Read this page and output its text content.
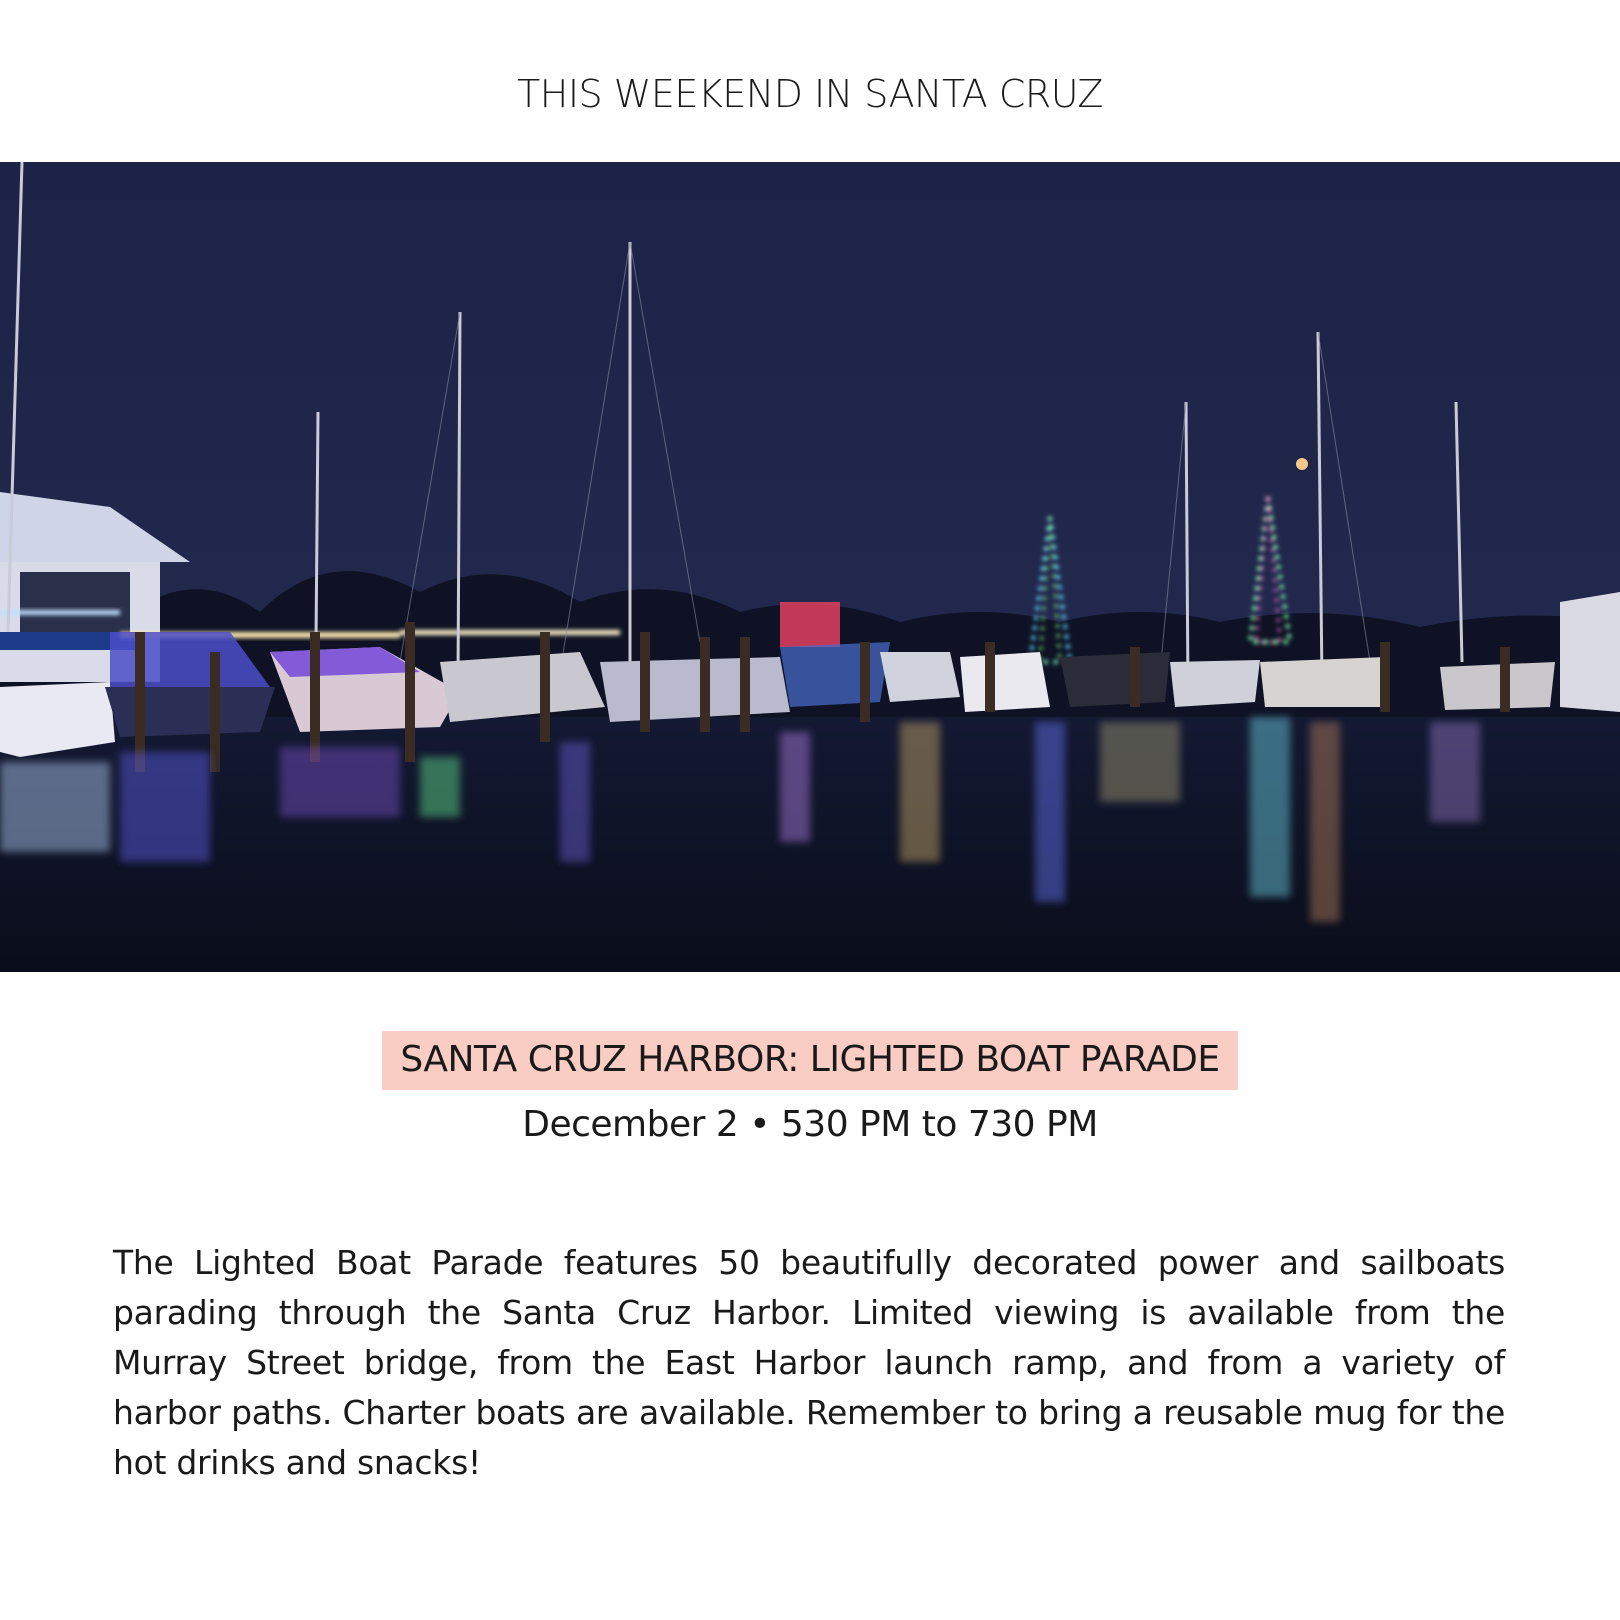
THIS WEEKEND IN SANTA CRUZ
SANTA CRUZ HARBOR: LIGHTED BOAT PARADE
December 2 • 530 PM to 730 PM
The Lighted Boat Parade features 50 beautifully decorated power and sailboats parading through the Santa Cruz Harbor. Limited viewing is available from the Murray Street bridge, from the East Harbor launch ramp, and from a variety of harbor paths. Charter boats are available. Remember to bring a reusable mug for the hot drinks and snacks!
